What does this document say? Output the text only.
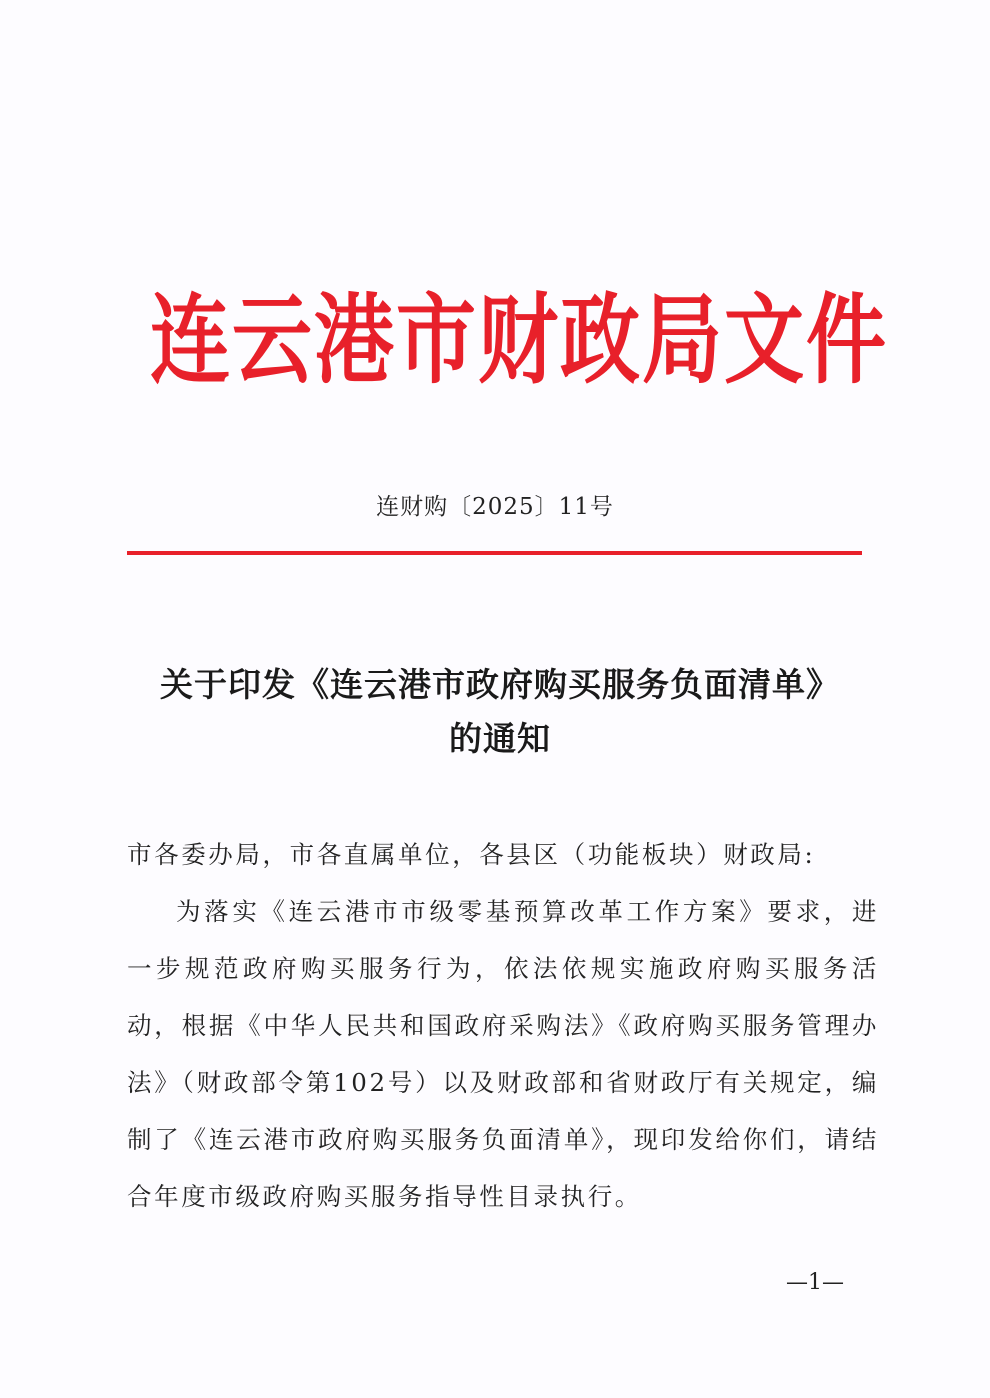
连云港市财政局文件
连财购〔2025〕11号
关于印发《连云港市政府购买服务负面清单》
的通知

市各委办局，市各直属单位，各县区（功能板块）财政局:

为落实《连云港市市级零基预算改革工作方案》要求，进一步规范政府购买服务行为，依法依规实施政府购买服务活动，根据《中华人民共和国政府采购法》《政府购买服务管理办法》（财政部令第102号）以及财政部和省财政厅有关规定，编制了《连云港市政府购买服务负面清单》，现印发给你们，请结合年度市级政府购买服务指导性目录执行。

—1—
